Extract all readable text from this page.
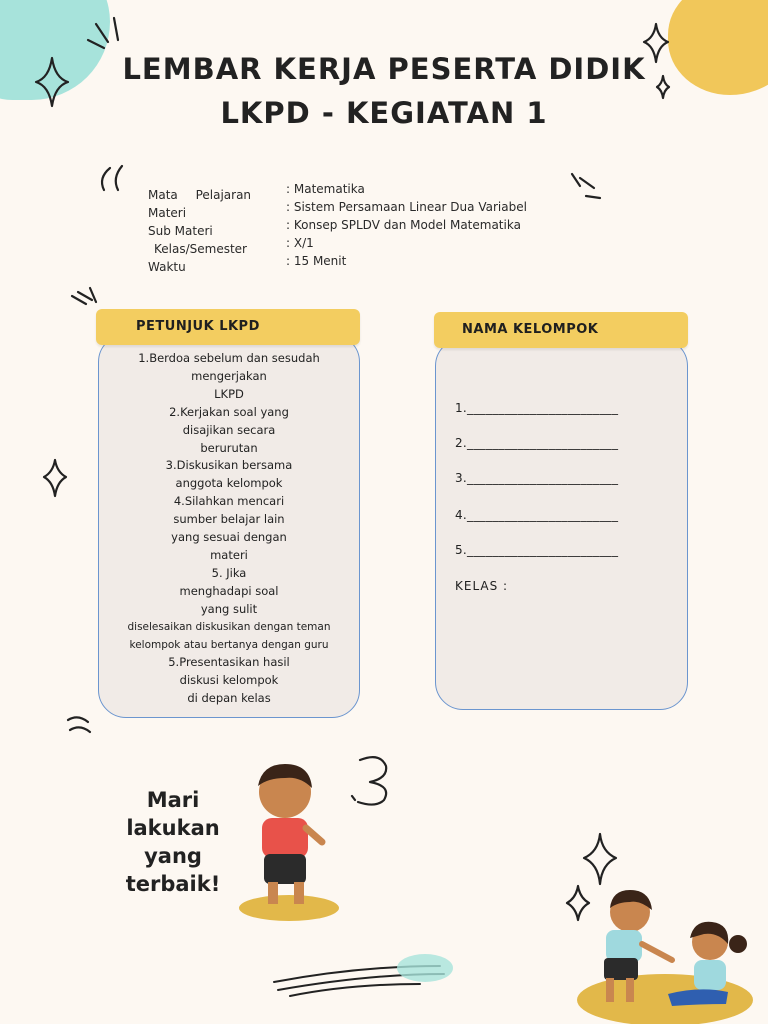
LEMBAR KERJA PESERTA DIDIK
LKPD - KEGIATAN 1
Mata Pelajaran	: Matematika
Materi	: Sistem Persamaan Linear Dua Variabel
Sub Materi	: Konsep SPLDV dan Model Matematika
Kelas/Semester	: X/1
Waktu	: 15 Menit
PETUNJUK LKPD
1.Berdoa sebelum dan sesudah
mengerjakan
LKPD
2.Kerjakan soal yang
disajikan secara
berurutan
3.Diskusikan bersama
anggota kelompok
4.Silahkan mencari
sumber belajar lain
yang sesuai dengan
materi
5. Jika
menghadapi soal
yang sulit
diselesaikan diskusikan dengan teman
kelompok atau bertanya dengan guru
5.Presentasikan hasil
diskusi kelompok
di depan kelas
NAMA KELOMPOK
1.________________________
2.________________________
3.________________________
4.________________________
5.________________________
KELAS :
Mari
lakukan
yang
terbaik!
